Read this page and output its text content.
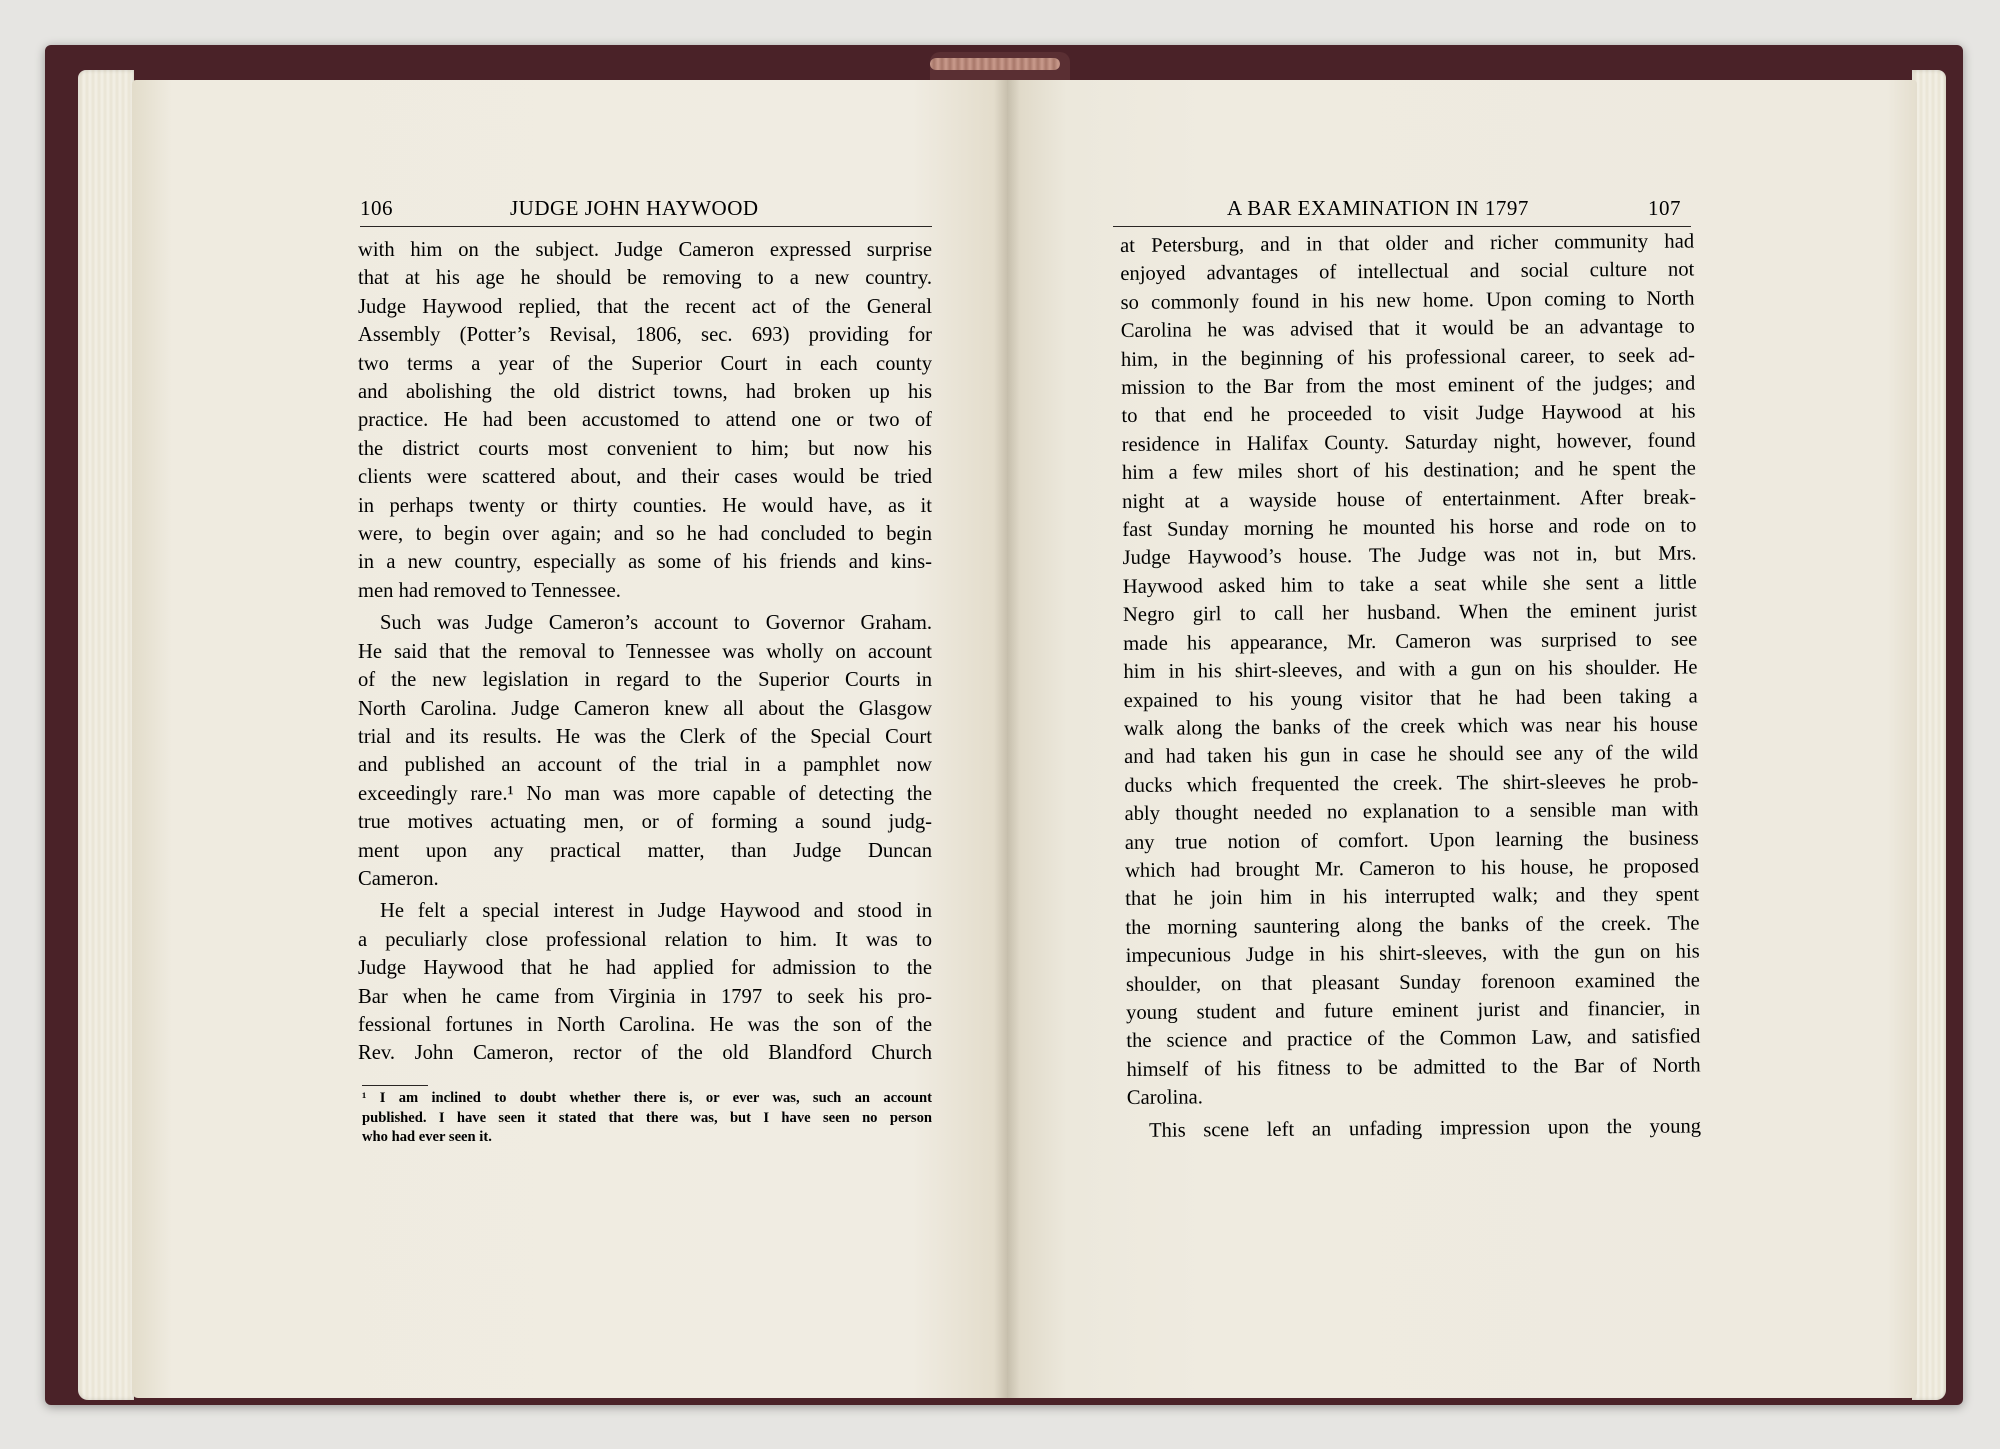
106	JUDGE JOHN HAYWOOD	A BAR EXAMINATION IN 1797	107
with him on the subject. Judge Cameron expressed surprise
that at his age he should be removing to a new country.
Judge Haywood replied, that the recent act of the General
Assembly (Potter’s Revisal, 1806, sec. 693) providing for
two terms a year of the Superior Court in each county
and abolishing the old district towns, had broken up his
practice. He had been accustomed to attend one or two of
the district courts most convenient to him; but now his
clients were scattered about, and their cases would be tried
in perhaps twenty or thirty counties. He would have, as it
were, to begin over again; and so he had concluded to begin
in a new country, especially as some of his friends and kins-
men had removed to Tennessee.
Such was Judge Cameron’s account to Governor Graham.
He said that the removal to Tennessee was wholly on account
of the new legislation in regard to the Superior Courts in
North Carolina. Judge Cameron knew all about the Glasgow
trial and its results. He was the Clerk of the Special Court
and published an account of the trial in a pamphlet now
exceedingly rare.¹ No man was more capable of detecting the
true motives actuating men, or of forming a sound judg-
ment upon any practical matter, than Judge Duncan
Cameron.
He felt a special interest in Judge Haywood and stood in
a peculiarly close professional relation to him. It was to
Judge Haywood that he had applied for admission to the
Bar when he came from Virginia in 1797 to seek his pro-
fessional fortunes in North Carolina. He was the son of the
Rev. John Cameron, rector of the old Blandford Church
¹ I am inclined to doubt whether there is, or ever was, such an account
published. I have seen it stated that there was, but I have seen no person
who had ever seen it.
at Petersburg, and in that older and richer community had
enjoyed advantages of intellectual and social culture not
so commonly found in his new home. Upon coming to North
Carolina he was advised that it would be an advantage to
him, in the beginning of his professional career, to seek ad-
mission to the Bar from the most eminent of the judges; and
to that end he proceeded to visit Judge Haywood at his
residence in Halifax County. Saturday night, however, found
him a few miles short of his destination; and he spent the
night at a wayside house of entertainment. After break-
fast Sunday morning he mounted his horse and rode on to
Judge Haywood’s house. The Judge was not in, but Mrs.
Haywood asked him to take a seat while she sent a little
Negro girl to call her husband. When the eminent jurist
made his appearance, Mr. Cameron was surprised to see
him in his shirt-sleeves, and with a gun on his shoulder. He
expained to his young visitor that he had been taking a
walk along the banks of the creek which was near his house
and had taken his gun in case he should see any of the wild
ducks which frequented the creek. The shirt-sleeves he prob-
ably thought needed no explanation to a sensible man with
any true notion of comfort. Upon learning the business
which had brought Mr. Cameron to his house, he proposed
that he join him in his interrupted walk; and they spent
the morning sauntering along the banks of the creek. The
impecunious Judge in his shirt-sleeves, with the gun on his
shoulder, on that pleasant Sunday forenoon examined the
young student and future eminent jurist and financier, in
the science and practice of the Common Law, and satisfied
himself of his fitness to be admitted to the Bar of North
Carolina.
This scene left an unfading impression upon the young
